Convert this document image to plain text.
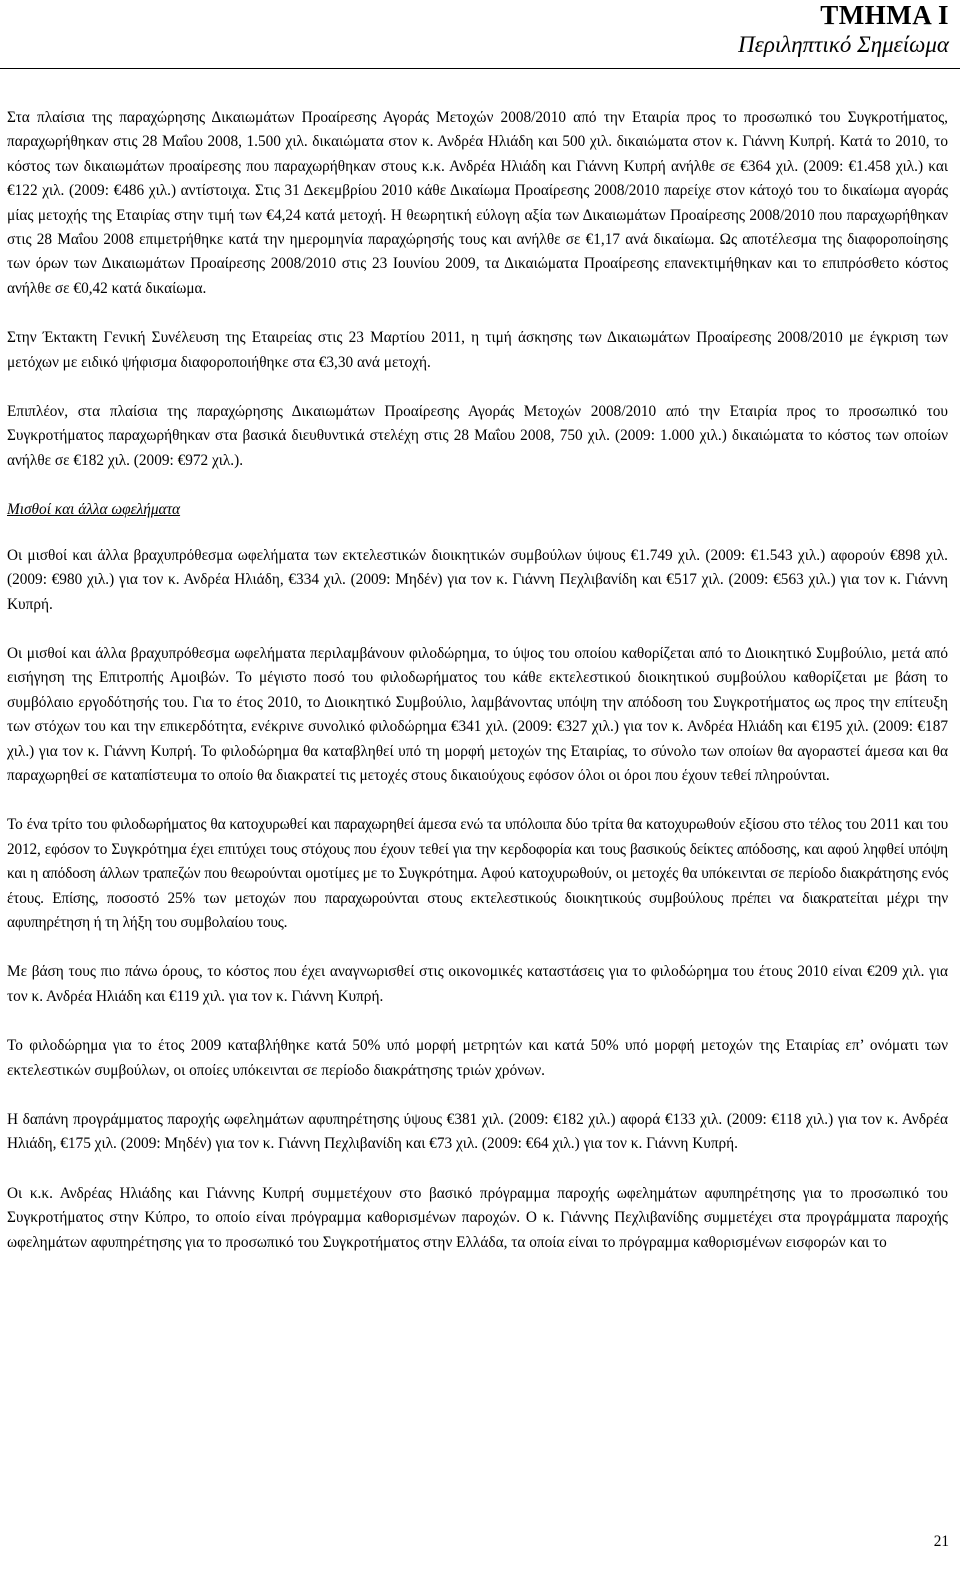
ΤΜΗΜΑ Ι
Περιληπτικό Σημείωμα

Στα πλαίσια της παραχώρησης Δικαιωμάτων Προαίρεσης Αγοράς Μετοχών 2008/2010 από την Εταιρία προς το προσωπικό του Συγκροτήματος, παραχωρήθηκαν στις 28 Μαΐου 2008, 1.500 χιλ. δικαιώματα στον κ. Ανδρέα Ηλιάδη και 500 χιλ. δικαιώματα στον κ. Γιάννη Κυπρή. Κατά το 2010, το κόστος των δικαιωμάτων προαίρεσης που παραχωρήθηκαν στους κ.κ. Ανδρέα Ηλιάδη και Γιάννη Κυπρή ανήλθε σε €364 χιλ. (2009: €1.458 χιλ.) και €122 χιλ. (2009: €486 χιλ.) αντίστοιχα. Στις 31 Δεκεμβρίου 2010 κάθε Δικαίωμα Προαίρεσης 2008/2010 παρείχε στον κάτοχό του το δικαίωμα αγοράς μίας μετοχής της Εταιρίας στην τιμή των €4,24 κατά μετοχή. Η θεωρητική εύλογη αξία των Δικαιωμάτων Προαίρεσης 2008/2010 που παραχωρήθηκαν στις 28 Μαΐου 2008 επιμετρήθηκε κατά την ημερομηνία παραχώρησής τους και ανήλθε σε €1,17 ανά δικαίωμα. Ως αποτέλεσμα της διαφοροποίησης των όρων των Δικαιωμάτων Προαίρεσης 2008/2010 στις 23 Ιουνίου 2009, τα Δικαιώματα Προαίρεσης επανεκτιμήθηκαν και το επιπρόσθετο κόστος ανήλθε σε €0,42 κατά δικαίωμα.

Στην Έκτακτη Γενική Συνέλευση της Εταιρείας στις 23 Μαρτίου 2011, η τιμή άσκησης των Δικαιωμάτων Προαίρεσης 2008/2010 με έγκριση των μετόχων με ειδικό ψήφισμα διαφοροποιήθηκε στα €3,30 ανά μετοχή.

Επιπλέον, στα πλαίσια της παραχώρησης Δικαιωμάτων Προαίρεσης Αγοράς Μετοχών 2008/2010 από την Εταιρία προς το προσωπικό του Συγκροτήματος παραχωρήθηκαν στα βασικά διευθυντικά στελέχη στις 28 Μαΐου 2008, 750 χιλ. (2009: 1.000 χιλ.) δικαιώματα το κόστος των οποίων ανήλθε σε €182 χιλ. (2009: €972 χιλ.).

Μισθοί και άλλα ωφελήματα

Οι μισθοί και άλλα βραχυπρόθεσμα ωφελήματα των εκτελεστικών διοικητικών συμβούλων ύψους €1.749 χιλ. (2009: €1.543 χιλ.) αφορούν €898 χιλ. (2009: €980 χιλ.) για τον κ. Ανδρέα Ηλιάδη, €334 χιλ. (2009: Μηδέν) για τον κ. Γιάννη Πεχλιβανίδη και €517 χιλ. (2009: €563 χιλ.) για τον κ. Γιάννη Κυπρή.

Οι μισθοί και άλλα βραχυπρόθεσμα ωφελήματα περιλαμβάνουν φιλοδώρημα, το ύψος του οποίου καθορίζεται από το Διοικητικό Συμβούλιο, μετά από εισήγηση της Επιτροπής Αμοιβών. Το μέγιστο ποσό του φιλοδωρήματος του κάθε εκτελεστικού διοικητικού συμβούλου καθορίζεται με βάση το συμβόλαιο εργοδότησής του. Για το έτος 2010, το Διοικητικό Συμβούλιο, λαμβάνοντας υπόψη την απόδοση του Συγκροτήματος ως προς την επίτευξη των στόχων του και την επικερδότητα, ενέκρινε συνολικό φιλοδώρημα €341 χιλ. (2009: €327 χιλ.) για τον κ. Ανδρέα Ηλιάδη και €195 χιλ. (2009: €187 χιλ.) για τον κ. Γιάννη Κυπρή. Το φιλοδώρημα θα καταβληθεί υπό τη μορφή μετοχών της Εταιρίας, το σύνολο των οποίων θα αγοραστεί άμεσα και θα παραχωρηθεί σε καταπίστευμα το οποίο θα διακρατεί τις μετοχές στους δικαιούχους εφόσον όλοι οι όροι που έχουν τεθεί πληρούνται.

Το ένα τρίτο του φιλοδωρήματος θα κατοχυρωθεί και παραχωρηθεί άμεσα ενώ τα υπόλοιπα δύο τρίτα θα κατοχυρωθούν εξίσου στο τέλος του 2011 και του 2012, εφόσον το Συγκρότημα έχει επιτύχει τους στόχους που έχουν τεθεί για την κερδοφορία και τους βασικούς δείκτες απόδοσης, και αφού ληφθεί υπόψη και η απόδοση άλλων τραπεζών που θεωρούνται ομοτίμες με το Συγκρότημα. Αφού κατοχυρωθούν, οι μετοχές θα υπόκεινται σε περίοδο διακράτησης ενός έτους. Επίσης, ποσοστό 25% των μετοχών που παραχωρούνται στους εκτελεστικούς διοικητικούς συμβούλους πρέπει να διακρατείται μέχρι την αφυπηρέτηση ή τη λήξη του συμβολαίου τους.

Με βάση τους πιο πάνω όρους, το κόστος που έχει αναγνωρισθεί στις οικονομικές καταστάσεις για το φιλοδώρημα του έτους 2010 είναι €209 χιλ. για τον κ. Ανδρέα Ηλιάδη και €119 χιλ. για τον κ. Γιάννη Κυπρή.

Το φιλοδώρημα για το έτος 2009 καταβλήθηκε κατά 50% υπό μορφή μετρητών και κατά 50% υπό μορφή μετοχών της Εταιρίας επ’ ονόματι των εκτελεστικών συμβούλων, οι οποίες υπόκεινται σε περίοδο διακράτησης τριών χρόνων.

Η δαπάνη προγράμματος παροχής ωφελημάτων αφυπηρέτησης ύψους €381 χιλ. (2009: €182 χιλ.) αφορά €133 χιλ. (2009: €118 χιλ.) για τον κ. Ανδρέα Ηλιάδη, €175 χιλ. (2009: Μηδέν) για τον κ. Γιάννη Πεχλιβανίδη και €73 χιλ. (2009: €64 χιλ.) για τον κ. Γιάννη Κυπρή.

Οι κ.κ. Ανδρέας Ηλιάδης και Γιάννης Κυπρή συμμετέχουν στο βασικό πρόγραμμα παροχής ωφελημάτων αφυπηρέτησης για το προσωπικό του Συγκροτήματος στην Κύπρο, το οποίο είναι πρόγραμμα καθορισμένων παροχών. O κ. Γιάννης Πεχλιβανίδης συμμετέχει στα προγράμματα παροχής ωφελημάτων αφυπηρέτησης για το προσωπικό του Συγκροτήματος στην Ελλάδα, τα οποία είναι το πρόγραμμα καθορισμένων εισφορών και το

21
